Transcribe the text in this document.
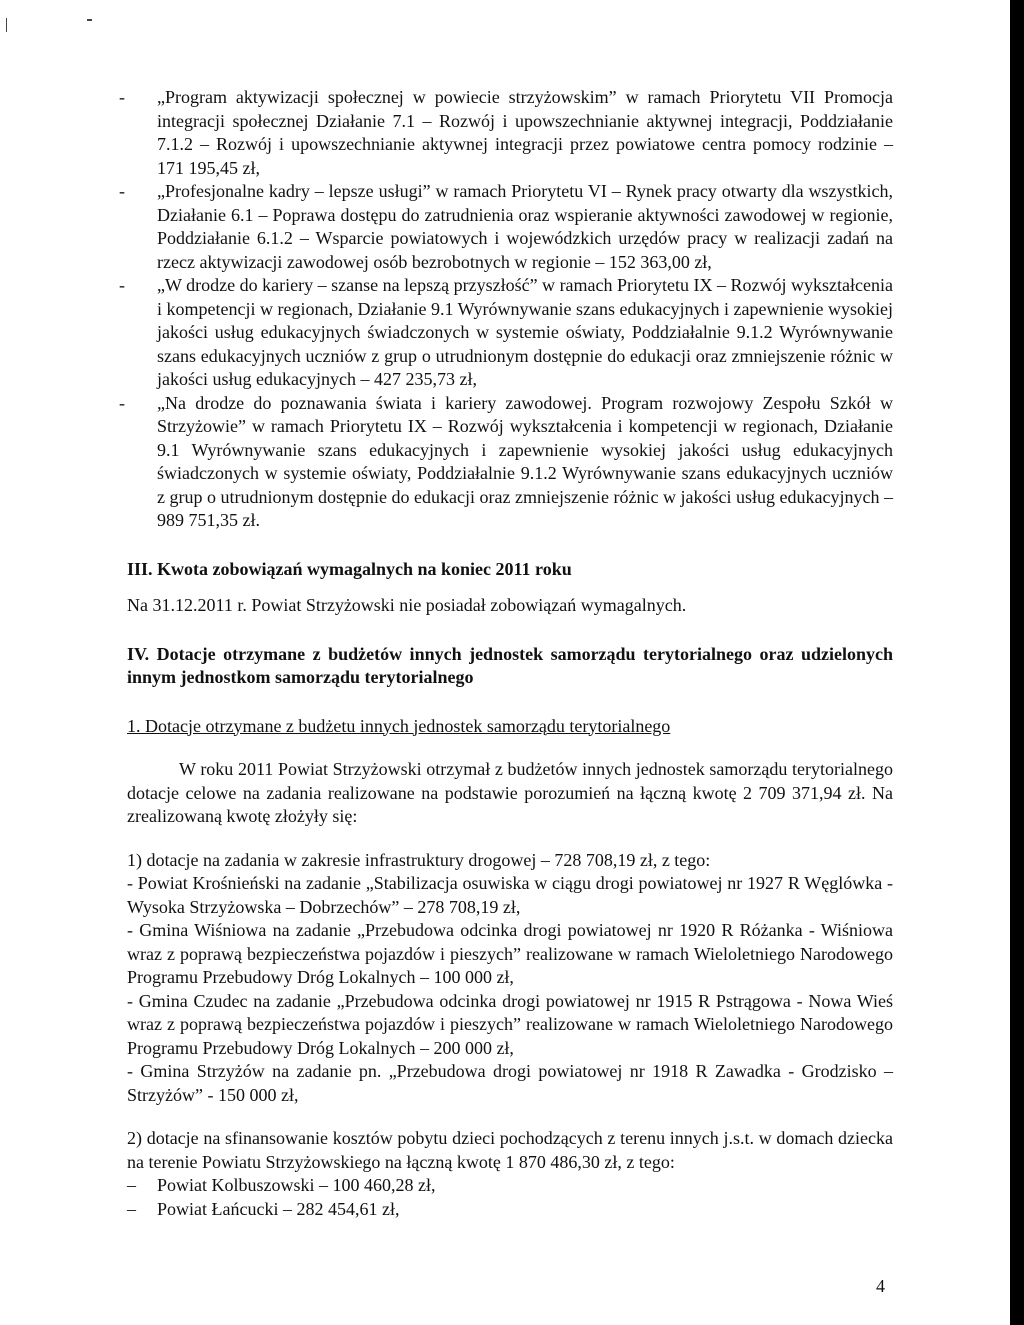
- „Program aktywizacji społecznej w powiecie strzyżowskim” w ramach Priorytetu VII Promocja integracji społecznej Działanie 7.1 – Rozwój i upowszechnianie aktywnej integracji, Poddziałanie 7.1.2 – Rozwój i upowszechnianie aktywnej integracji przez powiatowe centra pomocy rodzinie – 171 195,45 zł,
- „Profesjonalne kadry – lepsze usługi” w ramach Priorytetu VI – Rynek pracy otwarty dla wszystkich, Działanie 6.1 – Poprawa dostępu do zatrudnienia oraz wspieranie aktywności zawodowej w regionie, Poddziałanie 6.1.2 – Wsparcie powiatowych i wojewódzkich urzędów pracy w realizacji zadań na rzecz aktywizacji zawodowej osób bezrobotnych w regionie – 152 363,00 zł,
- „W drodze do kariery – szanse na lepszą przyszłość” w ramach Priorytetu IX – Rozwój wykształcenia i kompetencji w regionach, Działanie 9.1 Wyrównywanie szans edukacyjnych i zapewnienie wysokiej jakości usług edukacyjnych świadczonych w systemie oświaty, Poddziałalnie 9.1.2 Wyrównywanie szans edukacyjnych uczniów z grup o utrudnionym dostępnie do edukacji oraz zmniejszenie różnic w jakości usług edukacyjnych – 427 235,73 zł,
- „Na drodze do poznawania świata i kariery zawodowej. Program rozwojowy Zespołu Szkół w Strzyżowie” w ramach Priorytetu IX – Rozwój wykształcenia i kompetencji w regionach, Działanie 9.1 Wyrównywanie szans edukacyjnych i zapewnienie wysokiej jakości usług edukacyjnych świadczonych w systemie oświaty, Poddziałalnie 9.1.2 Wyrównywanie szans edukacyjnych uczniów z grup o utrudnionym dostępnie do edukacji oraz zmniejszenie różnic w jakości usług edukacyjnych – 989 751,35 zł.

III. Kwota zobowiązań wymagalnych na koniec 2011 roku

Na 31.12.2011 r. Powiat Strzyżowski nie posiadał zobowiązań wymagalnych.

IV. Dotacje otrzymane z budżetów innych jednostek samorządu terytorialnego oraz udzielonych innym jednostkom samorządu terytorialnego

1. Dotacje otrzymane z budżetu innych jednostek samorządu terytorialnego

W roku 2011 Powiat Strzyżowski otrzymał z budżetów innych jednostek samorządu terytorialnego dotacje celowe na zadania realizowane na podstawie porozumień na łączną kwotę 2 709 371,94 zł. Na zrealizowaną kwotę złożyły się:

1) dotacje na zadania w zakresie infrastruktury drogowej – 728 708,19 zł, z tego:

- Powiat Krośnieński na zadanie „Stabilizacja osuwiska w ciągu drogi powiatowej nr 1927 R Węglówka - Wysoka Strzyżowska – Dobrzechów” – 278 708,19 zł,

- Gmina Wiśniowa na zadanie „Przebudowa odcinka drogi powiatowej nr 1920 R Różanka - Wiśniowa wraz z poprawą bezpieczeństwa pojazdów i pieszych” realizowane w ramach Wieloletniego Narodowego Programu Przebudowy Dróg Lokalnych – 100 000 zł,

- Gmina Czudec na zadanie „Przebudowa odcinka drogi powiatowej nr 1915 R Pstrągowa - Nowa Wieś wraz z poprawą bezpieczeństwa pojazdów i pieszych” realizowane w ramach Wieloletniego Narodowego Programu Przebudowy Dróg Lokalnych – 200 000 zł,

- Gmina Strzyżów na zadanie pn. „Przebudowa drogi powiatowej nr 1918 R Zawadka - Grodzisko – Strzyżów” - 150 000 zł,

2) dotacje na sfinansowanie kosztów pobytu dzieci pochodzących z terenu innych j.s.t. w domach dziecka na terenie Powiatu Strzyżowskiego na łączną kwotę 1 870 486,30 zł, z tego:

– Powiat Kolbuszowski – 100 460,28 zł,
– Powiat Łańcucki – 282 454,61 zł,
4
